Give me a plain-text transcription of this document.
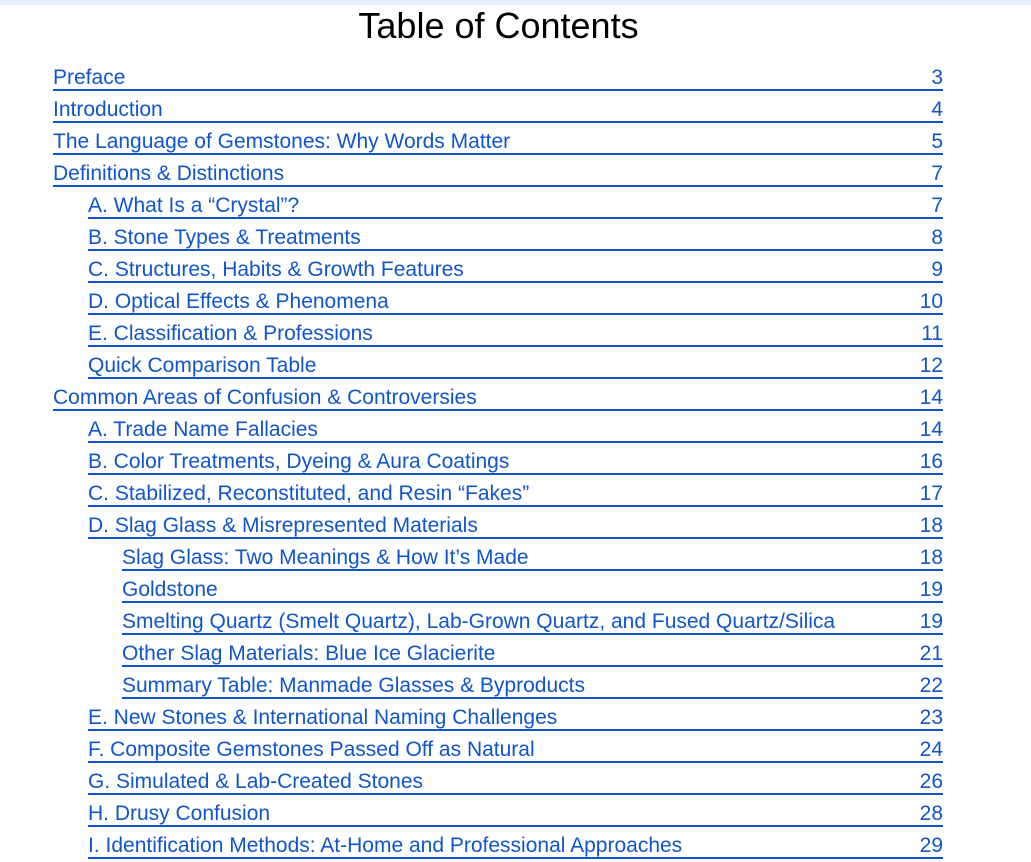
Table of Contents
Preface	3
Introduction	4
The Language of Gemstones: Why Words Matter	5
Definitions & Distinctions	7
A. What Is a “Crystal”?	7
B. Stone Types & Treatments	8
C. Structures, Habits & Growth Features	9
D. Optical Effects & Phenomena	10
E. Classification & Professions	11
Quick Comparison Table	12
Common Areas of Confusion & Controversies	14
A. Trade Name Fallacies	14
B. Color Treatments, Dyeing & Aura Coatings	16
C. Stabilized, Reconstituted, and Resin “Fakes”	17
D. Slag Glass & Misrepresented Materials	18
Slag Glass: Two Meanings & How It’s Made	18
Goldstone	19
Smelting Quartz (Smelt Quartz), Lab-Grown Quartz, and Fused Quartz/Silica	19
Other Slag Materials: Blue Ice Glacierite	21
Summary Table: Manmade Glasses & Byproducts	22
E. New Stones & International Naming Challenges	23
F. Composite Gemstones Passed Off as Natural	24
G. Simulated & Lab-Created Stones	26
H. Drusy Confusion	28
I. Identification Methods: At-Home and Professional Approaches	29
